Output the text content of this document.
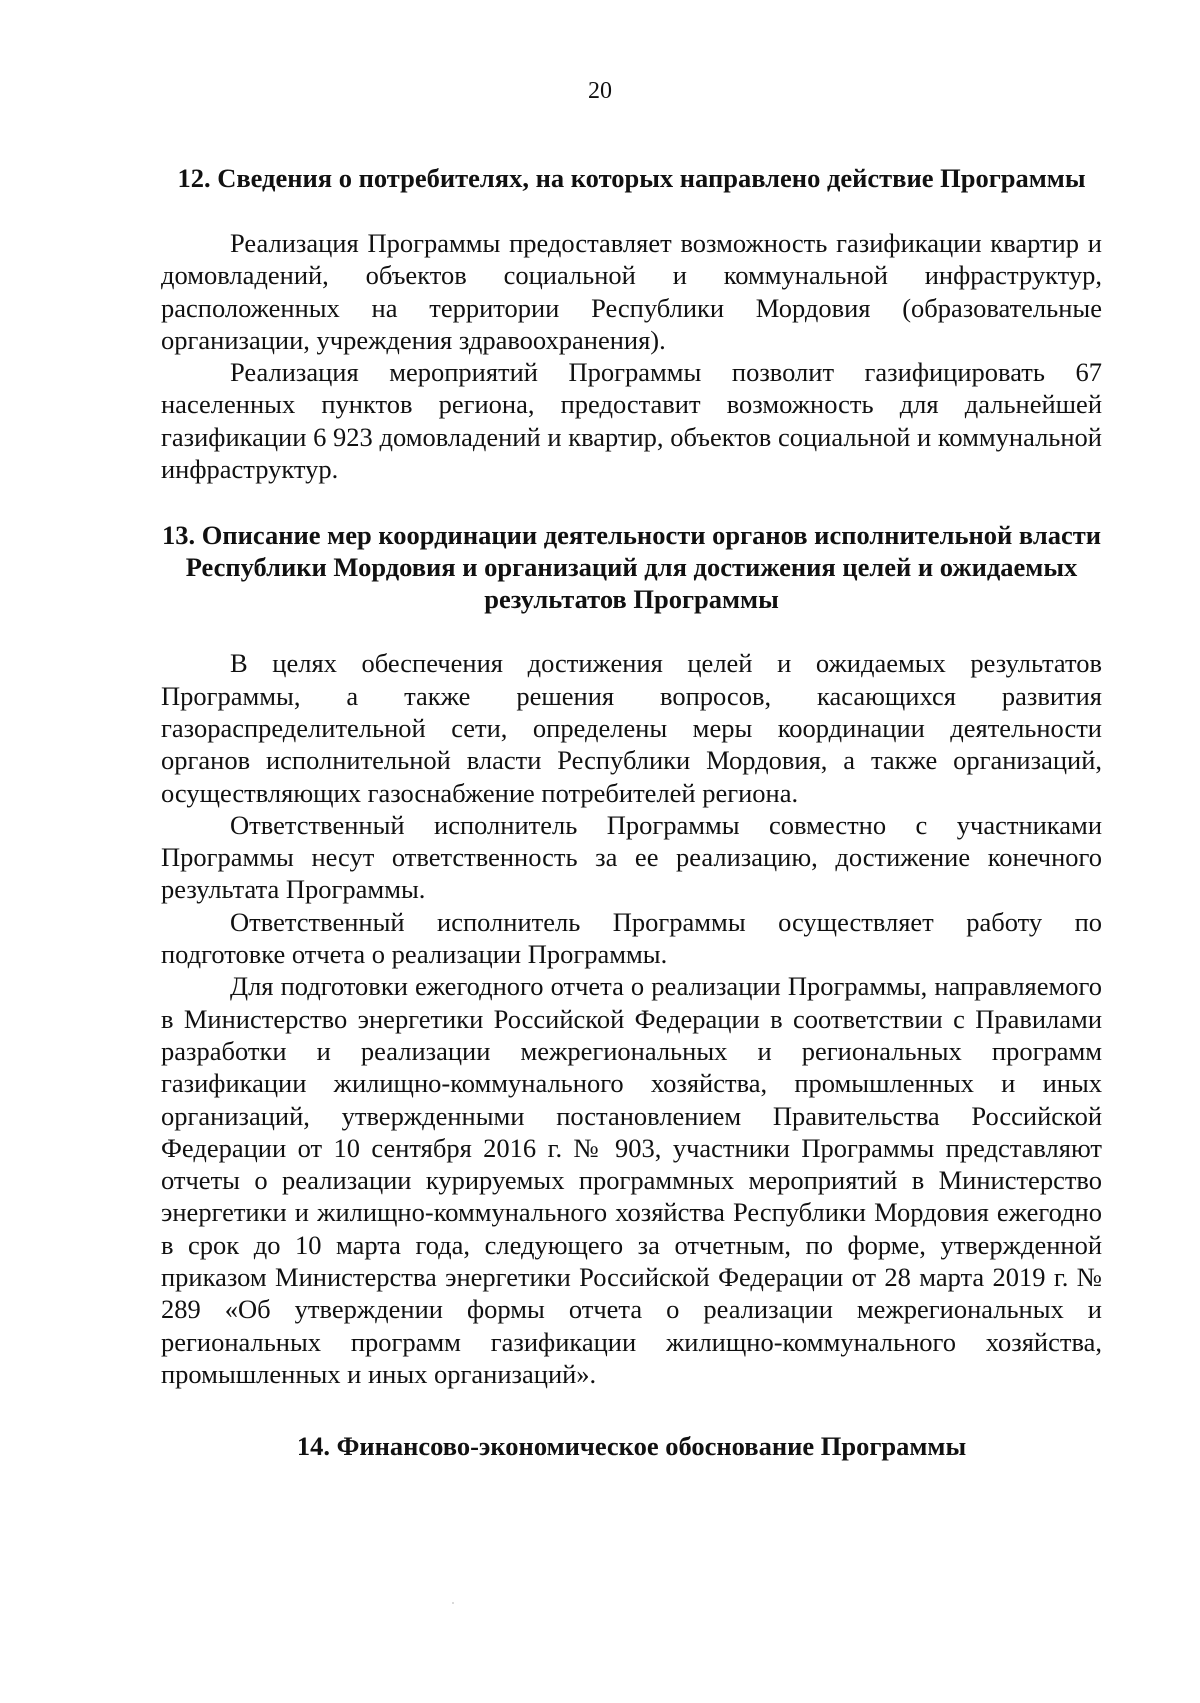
20
12. Сведения о потребителях, на которых направлено действие Программы

Реализация Программы предоставляет возможность газификации квартир и домовладений, объектов социальной и коммунальной инфраструктур, расположенных на территории Республики Мордовия (образовательные организации, учреждения здравоохранения).

Реализация мероприятий Программы позволит газифицировать 67 населенных пунктов региона, предоставит возможность для дальнейшей газификации 6 923 домовладений и квартир, объектов социальной и коммунальной инфраструктур.

13. Описание мер координации деятельности органов исполнительной власти Республики Мордовия и организаций для достижения целей и ожидаемых результатов Программы

В целях обеспечения достижения целей и ожидаемых результатов Программы, а также решения вопросов, касающихся развития газораспределительной сети, определены меры координации деятельности органов исполнительной власти Республики Мордовия, а также организаций, осуществляющих газоснабжение потребителей региона.

Ответственный исполнитель Программы совместно с участниками Программы несут ответственность за ее реализацию, достижение конечного результата Программы.

Ответственный исполнитель Программы осуществляет работу по подготовке отчета о реализации Программы.

Для подготовки ежегодного отчета о реализации Программы, направляемого в Министерство энергетики Российской Федерации в соответствии с Правилами разработки и реализации межрегиональных и региональных программ газификации жилищно-коммунального хозяйства, промышленных и иных организаций, утвержденными постановлением Правительства Российской Федерации от 10 сентября 2016 г. № 903, участники Программы представляют отчеты о реализации курируемых программных мероприятий в Министерство энергетики и жилищно-коммунального хозяйства Республики Мордовия ежегодно в срок до 10 марта года, следующего за отчетным, по форме, утвержденной приказом Министерства энергетики Российской Федерации от 28 марта 2019 г. № 289 «Об утверждении формы отчета о реализации межрегиональных и региональных программ газификации жилищно-коммунального хозяйства, промышленных и иных организаций».

14. Финансово-экономическое обоснование Программы
